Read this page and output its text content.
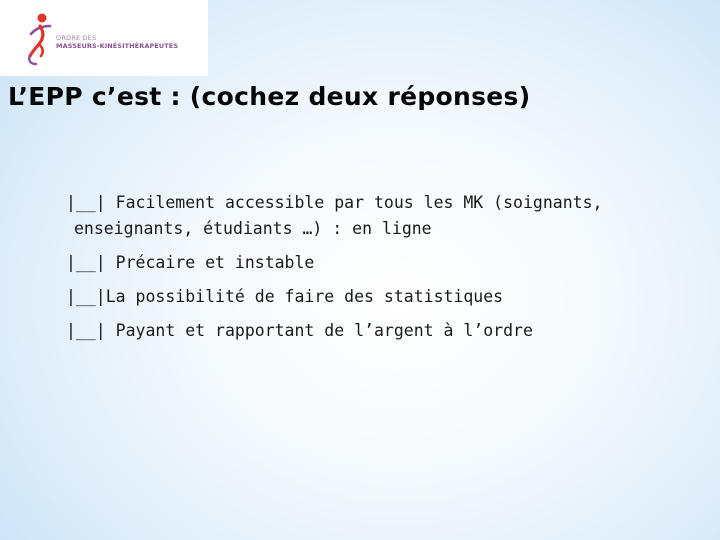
ORDRE DES
MASSEURS-KINÉSITHÉRAPEUTES
L’EPP c’est : (cochez deux réponses)
|__| Facilement accessible par tous les MK (soignants,
enseignants, étudiants …) : en ligne
|__| Précaire et instable
|__|La possibilité de faire des statistiques
|__| Payant et rapportant de l’argent à l’ordre
